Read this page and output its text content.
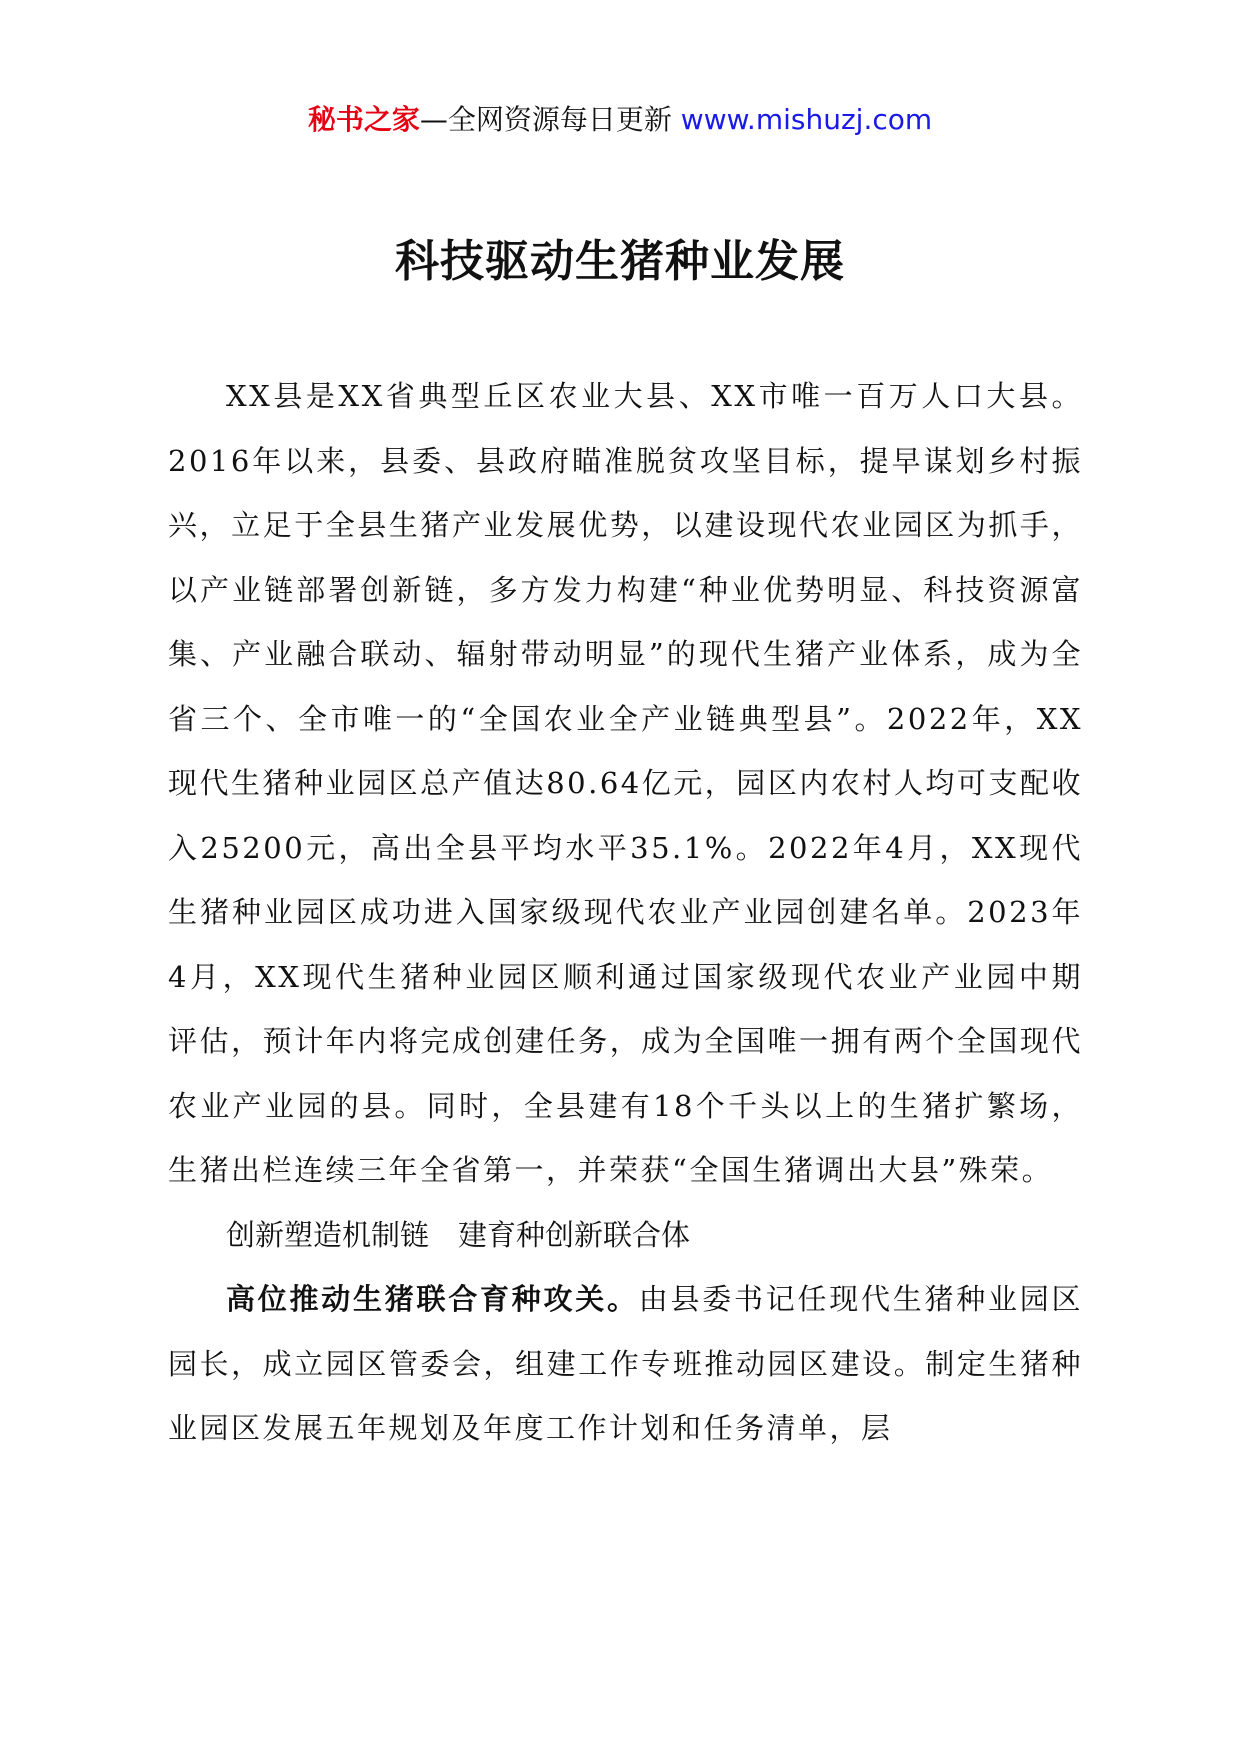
秘书之家—全网资源每日更新 www.mishuzj.com
科技驱动生猪种业发展

XX县是XX省典型丘区农业大县、XX市唯一百万人口大县。2016年以来，县委、县政府瞄准脱贫攻坚目标，提早谋划乡村振兴，立足于全县生猪产业发展优势，以建设现代农业园区为抓手，以产业链部署创新链，多方发力构建“种业优势明显、科技资源富集、产业融合联动、辐射带动明显”的现代生猪产业体系，成为全省三个、全市唯一的“全国农业全产业链典型县”。2022年，XX现代生猪种业园区总产值达80.64亿元，园区内农村人均可支配收入25200元，高出全县平均水平35.1%。2022年4月，XX现代生猪种业园区成功进入国家级现代农业产业园创建名单。2023年4月，XX现代生猪种业园区顺利通过国家级现代农业产业园中期评估，预计年内将完成创建任务，成为全国唯一拥有两个全国现代农业产业园的县。同时，全县建有18个千头以上的生猪扩繁场，生猪出栏连续三年全省第一，并荣获“全国生猪调出大县”殊荣。

创新塑造机制链　建育种创新联合体

高位推动生猪联合育种攻关。由县委书记任现代生猪种业园区园长，成立园区管委会，组建工作专班推动园区建设。制定生猪种业园区发展五年规划及年度工作计划和任务清单，层
